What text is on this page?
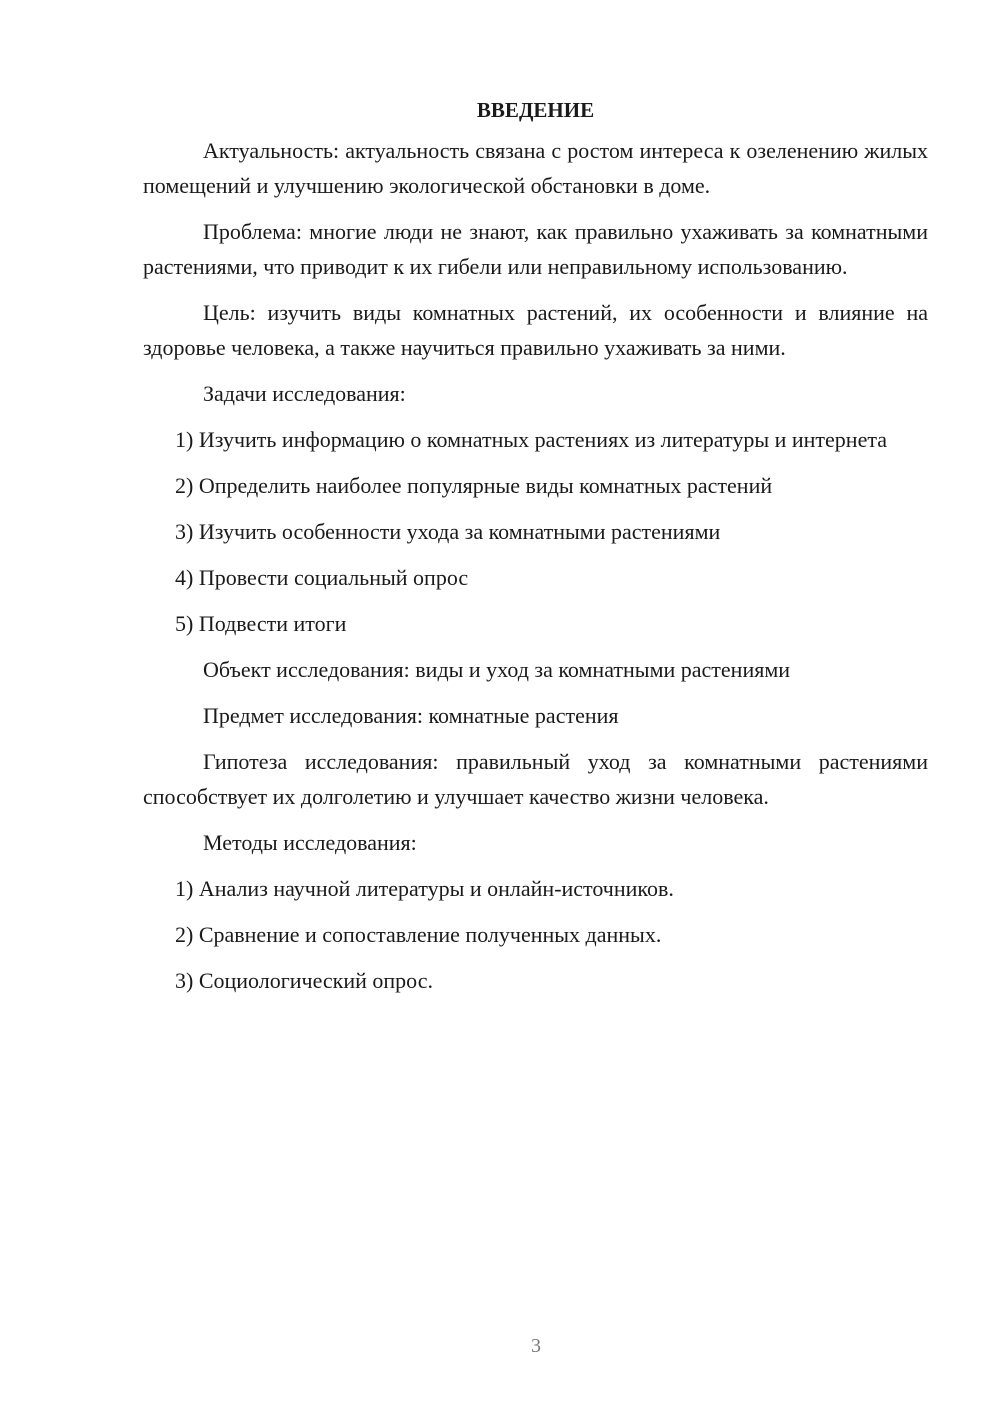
ВВЕДЕНИЕ

Актуальность: актуальность связана с ростом интереса к озеленению жилых помещений и улучшению экологической обстановки в доме.

Проблема: многие люди не знают, как правильно ухаживать за комнатными растениями, что приводит к их гибели или неправильному использованию.

Цель: изучить виды комнатных растений, их особенности и влияние на здоровье человека, а также научиться правильно ухаживать за ними.

Задачи исследования:

1) Изучить информацию о комнатных растениях из литературы и интернета

2) Определить наиболее популярные виды комнатных растений

3) Изучить особенности ухода за комнатными растениями

4) Провести социальный опрос

5) Подвести итоги

Объект исследования: виды и уход за комнатными растениями

Предмет исследования: комнатные растения

Гипотеза исследования: правильный уход за комнатными растениями способствует их долголетию и улучшает качество жизни человека.

Методы исследования:

1) Анализ научной литературы и онлайн-источников.

2) Сравнение и сопоставление полученных данных.

3) Социологический опрос.

3
